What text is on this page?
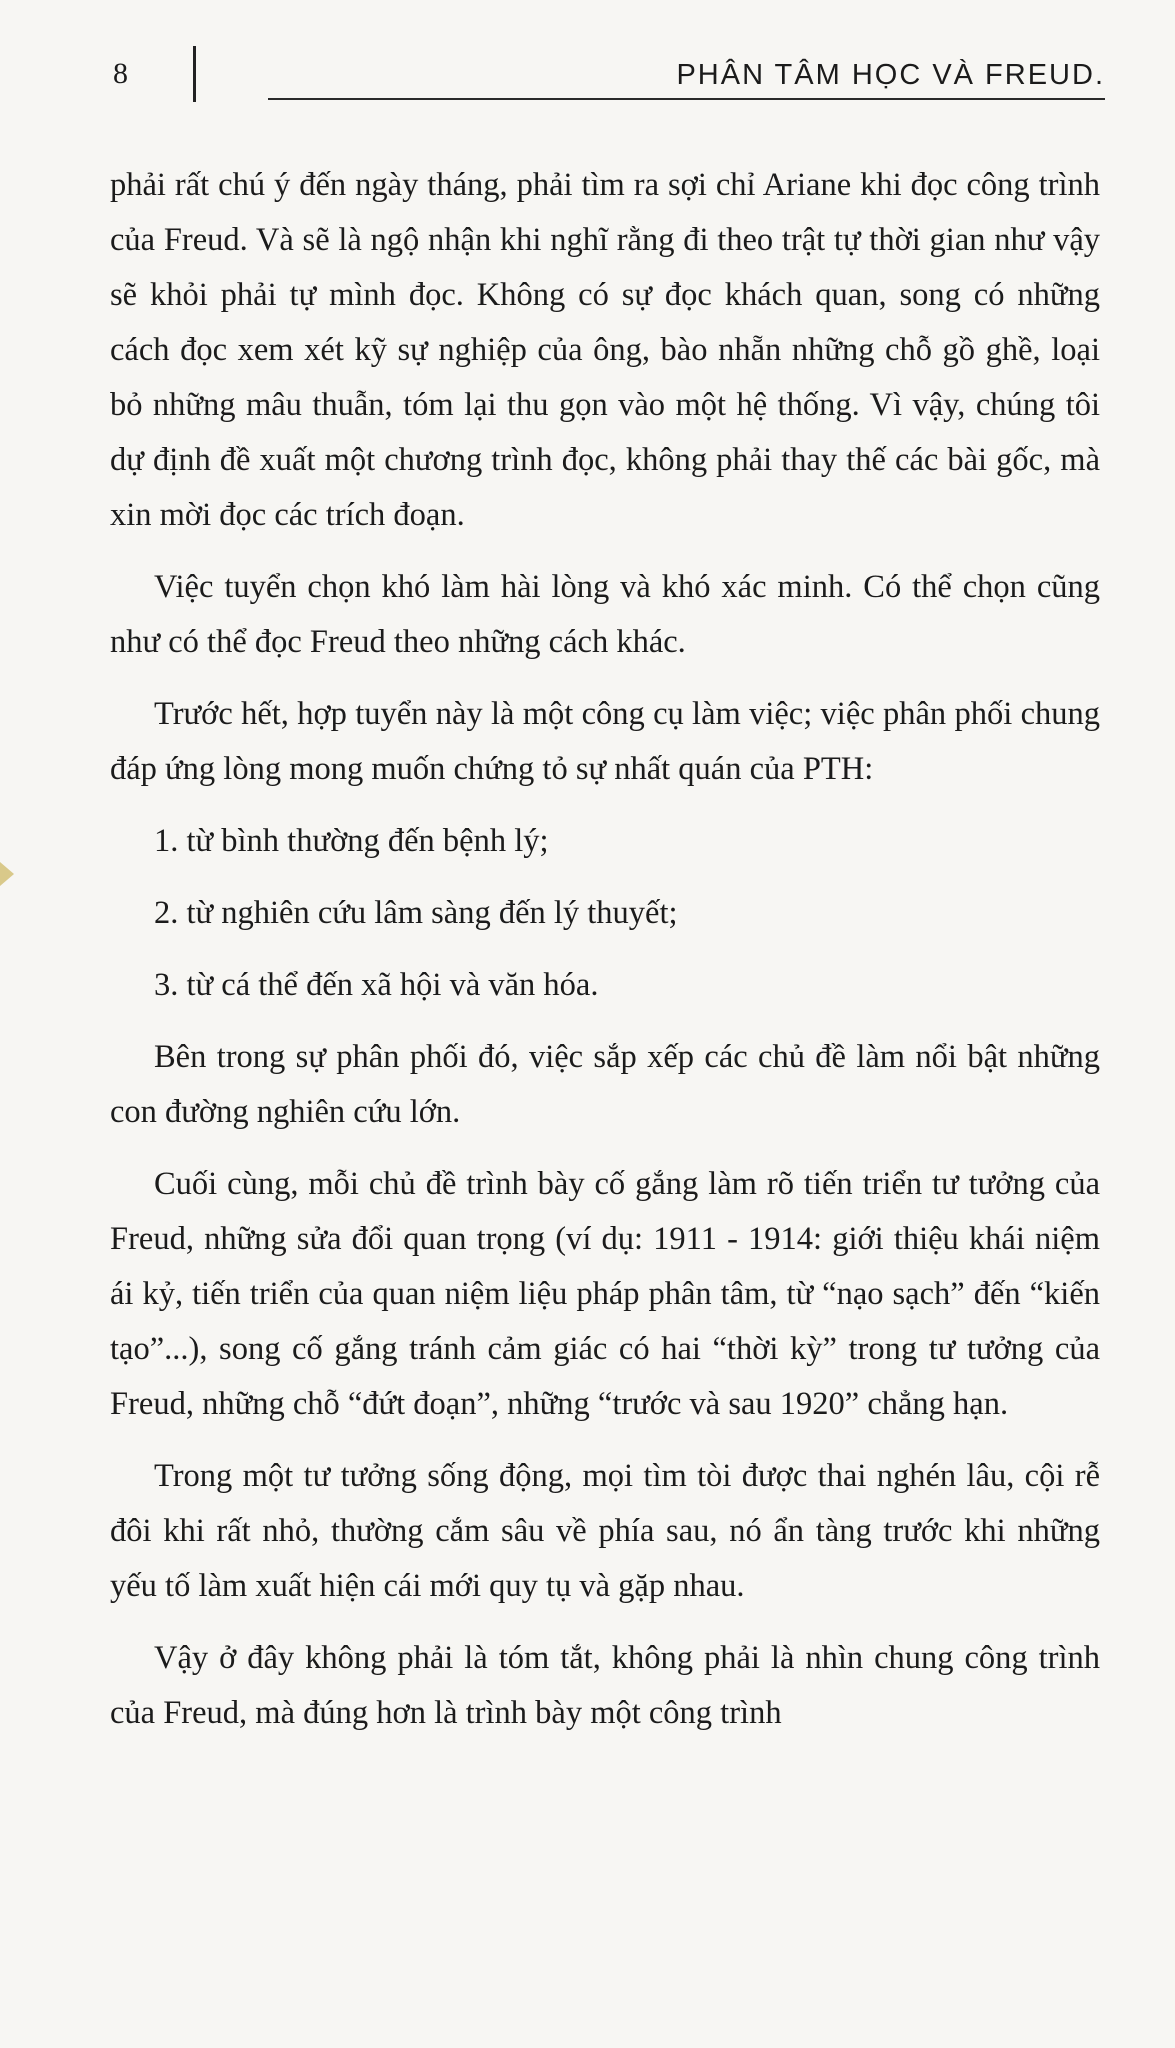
8	PHÂN TÂM HỌC VÀ FREUD.

phải rất chú ý đến ngày tháng, phải tìm ra sợi chỉ Ariane khi đọc công trình của Freud. Và sẽ là ngộ nhận khi nghĩ rằng đi theo trật tự thời gian như vậy sẽ khỏi phải tự mình đọc. Không có sự đọc khách quan, song có những cách đọc xem xét kỹ sự nghiệp của ông, bào nhẵn những chỗ gồ ghề, loại bỏ những mâu thuẫn, tóm lại thu gọn vào một hệ thống. Vì vậy, chúng tôi dự định đề xuất một chương trình đọc, không phải thay thế các bài gốc, mà xin mời đọc các trích đoạn.

Việc tuyển chọn khó làm hài lòng và khó xác minh. Có thể chọn cũng như có thể đọc Freud theo những cách khác.

Trước hết, hợp tuyển này là một công cụ làm việc; việc phân phối chung đáp ứng lòng mong muốn chứng tỏ sự nhất quán của PTH:

1. từ bình thường đến bệnh lý;

2. từ nghiên cứu lâm sàng đến lý thuyết;

3. từ cá thể đến xã hội và văn hóa.

Bên trong sự phân phối đó, việc sắp xếp các chủ đề làm nổi bật những con đường nghiên cứu lớn.

Cuối cùng, mỗi chủ đề trình bày cố gắng làm rõ tiến triển tư tưởng của Freud, những sửa đổi quan trọng (ví dụ: 1911 - 1914: giới thiệu khái niệm ái kỷ, tiến triển của quan niệm liệu pháp phân tâm, từ “nạo sạch” đến “kiến tạo”...), song cố gắng tránh cảm giác có hai “thời kỳ” trong tư tưởng của Freud, những chỗ “đứt đoạn”, những “trước và sau 1920” chẳng hạn.

Trong một tư tưởng sống động, mọi tìm tòi được thai nghén lâu, cội rễ đôi khi rất nhỏ, thường cắm sâu về phía sau, nó ẩn tàng trước khi những yếu tố làm xuất hiện cái mới quy tụ và gặp nhau.

Vậy ở đây không phải là tóm tắt, không phải là nhìn chung công trình của Freud, mà đúng hơn là trình bày một công trình
